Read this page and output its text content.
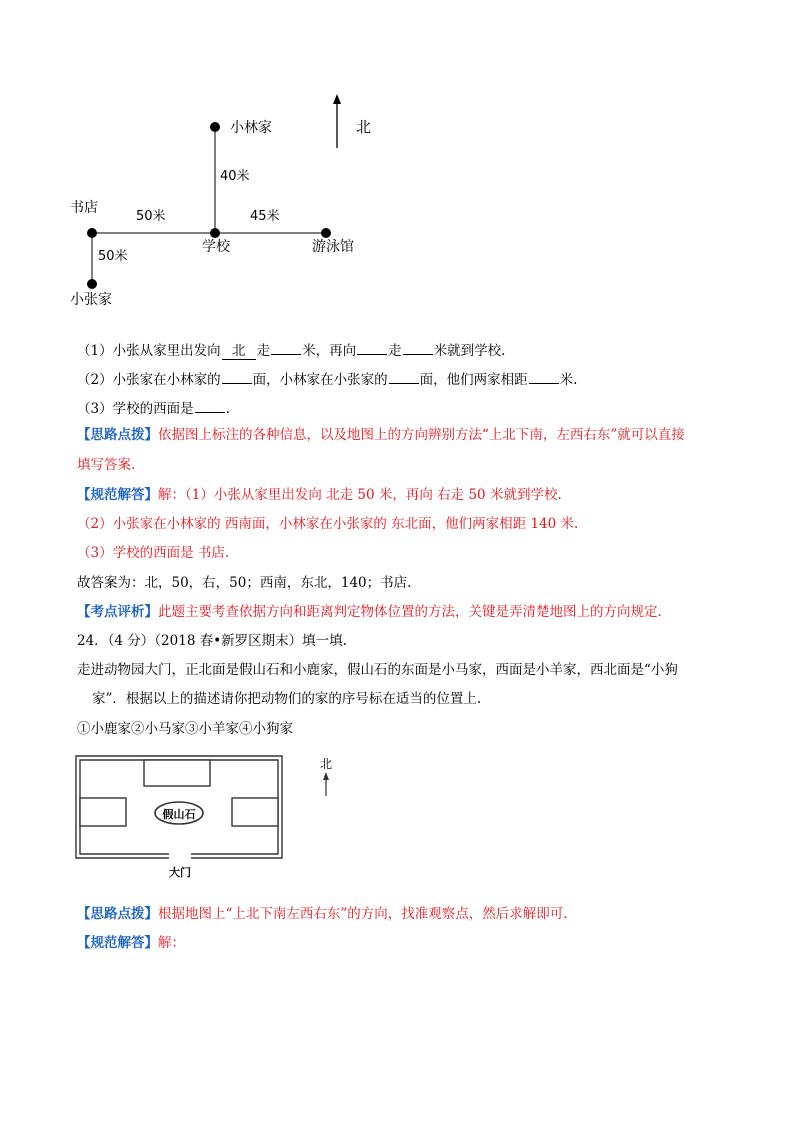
北
小林家
40米
书店
50米	45米
学校	游泳馆
50米
小张家
（1）小张从家里出发向 北 走 米，再向 走 米就到学校.
（2）小张家在小林家的 面，小林家在小张家的 面，他们两家相距 米.
（3）学校的西面是 .
【思路点拨】依据图上标注的各种信息，以及地图上的方向辨别方法“上北下南，左西右东”就可以直接
填写答案.
【规范解答】解：（1）小张从家里出发向 北走 50 米，再向 右走 50 米就到学校.
（2）小张家在小林家的 西南面，小林家在小张家的 东北面，他们两家相距 140 米.
（3）学校的西面是 书店.
故答案为：北，50，右，50；西南，东北，140；书店.
【考点评析】此题主要考查依据方向和距离判定物体位置的方法，关键是弄清楚地图上的方向规定.
24．（4 分）（2018 春•新罗区期末）填一填.
走进动物园大门，正北面是假山石和小鹿家，假山石的东面是小马家，西面是小羊家，西北面是“小狗
家”．根据以上的描述请你把动物们的家的序号标在适当的位置上.
①小鹿家②小马家③小羊家④小狗家
假山石
大门
北
【思路点拨】根据地图上“上北下南左西右东”的方向，找准观察点，然后求解即可.
【规范解答】解：
